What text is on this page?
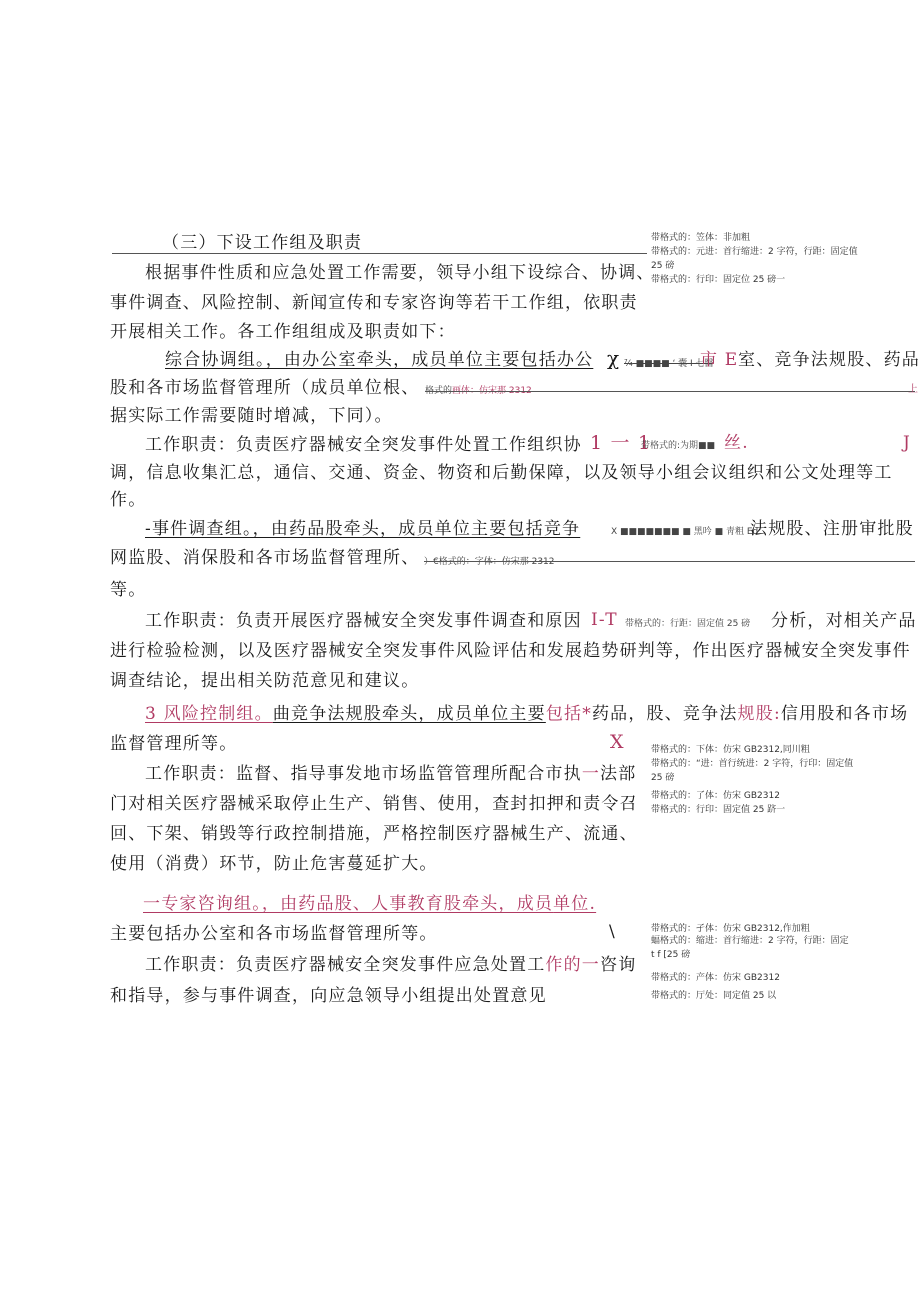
（三）下设工作组及职责
根据事件性质和应急处置工作需要，领导小组下设综合、协调、
事件调查、风险控制、新闻宣传和专家咨询等若干工作组，依职责
开展相关工作。各工作组组成及职责如下：
综合协调组。，由办公室牵头，成员单位主要包括办公 χ ⁷⁄₄ ■■■■ ‘ 囊 I 七醫
市 E 室、竞争法规股、药品
股和各市场监督管理所（成员单位根、 格式的画体：仿宋那 2312	上
据实际工作需要随时增减，下同）。
工作职责：负责医疗器械安全突发事件处置工作组织协 1 一 1
带格式的:为期■■ 丝.	J
调，信息收集汇总，通信、交通、资金、物资和后勤保障，以及领导小组会议组织和公文处理等工
作。
-事件调查组。，由药品股牵头，成员单位主要包括竞争	X ■■■■■■■ ■ 黑吟 ■ 靑粗 Ed
法规股、注册审批股
网监股、消保股和各市场监督管理所、 ）€格式的：字体：仿宋那 2312
等。
工作职责：负责开展医疗器械安全突发事件调查和原因 I-T 带格式的：行距：固定值 25 磅 分析，对相关产品
进行检验检测，以及医疗器械安全突发事件风险评估和发展趋势研判等，作出医疗器械安全突发事件
调查结论，提出相关防范意见和建议。
3 风险控制组。曲竞争法规股牵头，成员单位主要包括*药品，股、竞争法规股:信用股和各市场
监督管理所等。	X
工作职责：监督、指导事发地市场监管管理所配合市执一法部
门对相关医疗器械采取停止生产、销售、使用，查封扣押和责令召
回、下架、销毁等行政控制措施，严格控制医疗器械生产、流通、
使用（消费）环节，防止危害蔓延扩大。
一专家咨询组。，由药品股、人事教育股牵头，成员单位.
主要包括办公室和各市场监督管理所等。	\
工作职责：负责医疗器械安全突发事件应急处置工作的一咨询
和指导，参与事件调查，向应急领导小组提出处置意见
带格式的：笠体：非加粗
带格式的：元进：首行缩进：2 字符，行距：固定值
25 磅
带格式的：行印：固定位 25 磅一
带格式的：下体：仿宋 GB2312,同川粗
带格式的：“进：首行统进：2 字符，行印：固定值
25 磅
带格式的：了体：仿宋 GB2312
带格式的：行印：固定值 25 跻一
带格式的：孑体：仿宋 GB2312,作加粗
蝠格式的：缩进：首行缩进：2 字符，行距：固定
t f [25 磅
带格式的：产体：仿宋 GB2312
带格式的：厅处：同定值 25 以
